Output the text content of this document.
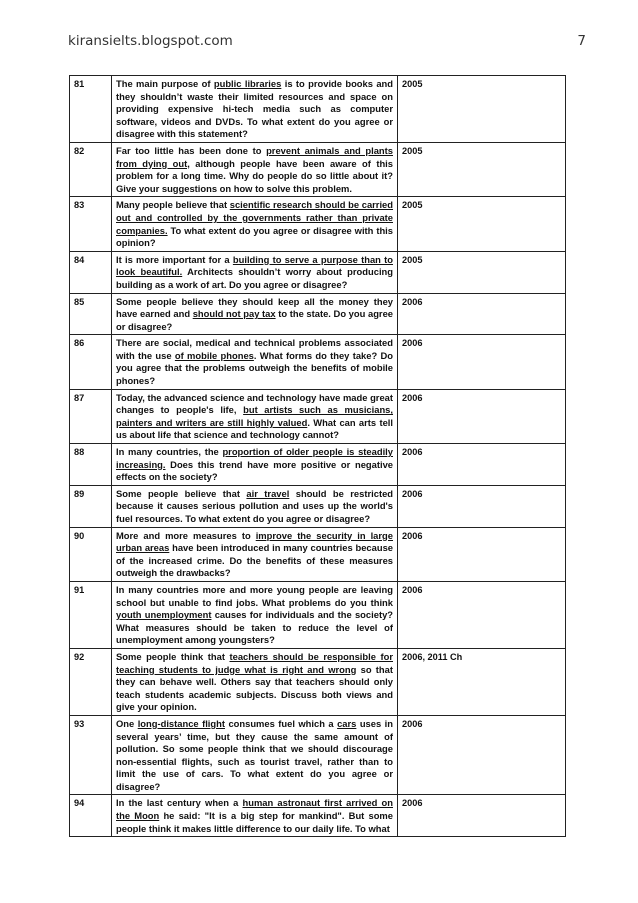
kiransielts.blogspot.com	7
81	The main purpose of public libraries is to provide books and they shouldn’t waste their limited resources and space on providing expensive hi-tech media such as computer software, videos and DVDs. To what extent do you agree or disagree with this statement?	2005
82	Far too little has been done to prevent animals and plants from dying out, although people have been aware of this problem for a long time. Why do people do so little about it? Give your suggestions on how to solve this problem.	2005
83	Many people believe that scientific research should be carried out and controlled by the governments rather than private companies. To what extent do you agree or disagree with this opinion?	2005
84	It is more important for a building to serve a purpose than to look beautiful. Architects shouldn’t worry about producing building as a work of art. Do you agree or disagree?	2005
85	Some people believe they should keep all the money they have earned and should not pay tax to the state. Do you agree or disagree?	2006
86	There are social, medical and technical problems associated with the use of mobile phones. What forms do they take? Do you agree that the problems outweigh the benefits of mobile phones?	2006
87	Today, the advanced science and technology have made great changes to people's life, but artists such as musicians, painters and writers are still highly valued. What can arts tell us about life that science and technology cannot?	2006
88	In many countries, the proportion of older people is steadily increasing. Does this trend have more positive or negative effects on the society?	2006
89	Some people believe that air travel should be restricted because it causes serious pollution and uses up the world's fuel resources. To what extent do you agree or disagree?	2006
90	More and more measures to improve the security in large urban areas have been introduced in many countries because of the increased crime. Do the benefits of these measures outweigh the drawbacks?	2006
91	In many countries more and more young people are leaving school but unable to find jobs. What problems do you think youth unemployment causes for individuals and the society? What measures should be taken to reduce the level of unemployment among youngsters?	2006
92	Some people think that teachers should be responsible for teaching students to judge what is right and wrong so that they can behave well. Others say that teachers should only teach students academic subjects. Discuss both views and give your opinion.	2006, 2011 Ch
93	One long-distance flight consumes fuel which a cars uses in several years’ time, but they cause the same amount of pollution. So some people think that we should discourage non-essential flights, such as tourist travel, rather than to limit the use of cars. To what extent do you agree or disagree?	2006
94	In the last century when a human astronaut first arrived on the Moon he said: "It is a big step for mankind". But some people think it makes little difference to our daily life. To what	2006
